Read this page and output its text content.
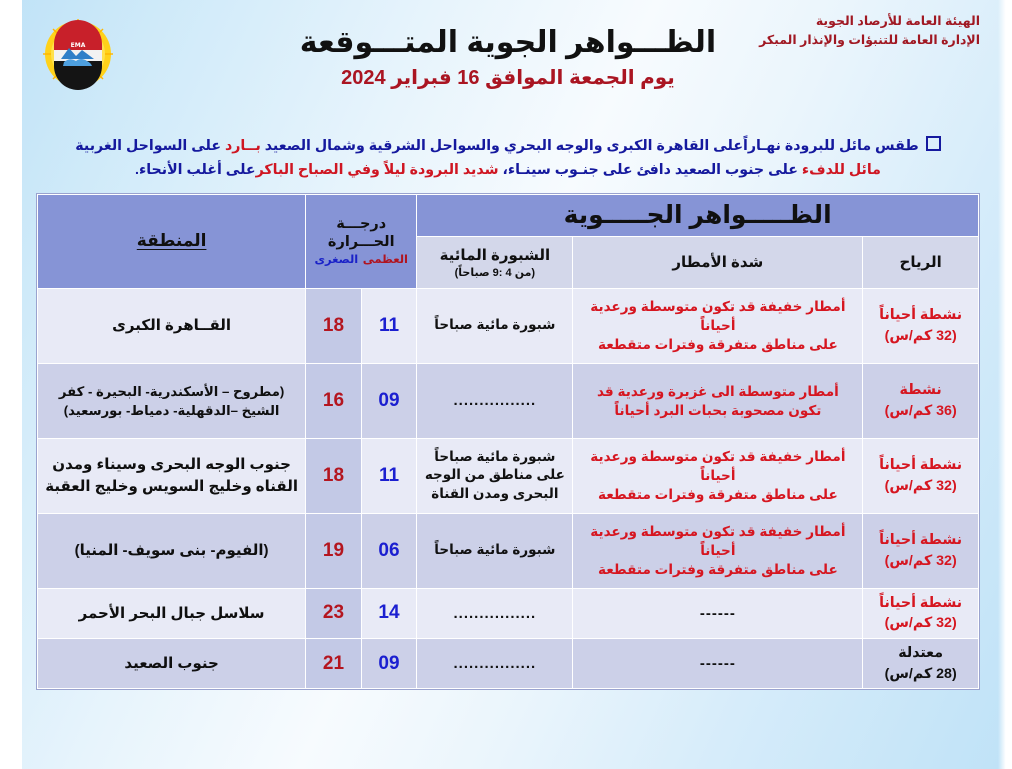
EMA
الهيئة العامة للأرصاد الجوية
الإدارة العامة للتنبؤات والإنذار المبكر
الظـــواهر الجوية المتـــوقعة
يوم الجمعة الموافق 16 فبراير 2024
طقس مائل للبرودة نهـاراًعلى القاهرة الكبرى والوجه البحري والسواحل الشرقية وشمال الصعيد بــارد على السواحل الغربية
مائل للدفء على جنوب الصعيد دافئ على جنـوب سينـاء، شديد البرودة ليلاً وفي الصباح الباكرعلى أغلب الأنحاء.
الظـــــواهر الجـــــوية			درجـــة الحـــرارة
العظمى
الصغرى		المنطقة
الرياح	شدة الأمطار	الشبورة المائية
(من 4 :9 صباحاً)			

نشطة أحياناً
(32 كم/س)	أمطار خفيفة قد تكون متوسطة ورعدية أحياناً
على مناطق متفرقة وفترات متقطعة	شبورة مائية صباحاً	11	18	القــاهرة الكبرى
نشطة
(36 كم/س)	أمطار متوسطة الى غزيرة ورعدية قد تكون مصحوبة بحبات البرد أحياناً	................	09	16	(مطروح – الأسكندرية- البحيرة - كفر الشيخ –الدقهلية- دمياط- بورسعيد)
نشطة أحياناً
(32 كم/س)	أمطار خفيفة قد تكون متوسطة ورعدية أحياناً
على مناطق متفرقة وفترات متقطعة	شبورة مائية صباحاً على مناطق من الوجه البحرى ومدن القناة	11	18	جنوب الوجه البحرى وسيناء ومدن القناه وخليج السويس وخليج العقبة
نشطة أحياناً
(32 كم/س)	أمطار خفيفة قد تكون متوسطة ورعدية أحياناً
على مناطق متفرقة وفترات متقطعة	شبورة مائية صباحاً	06	19	(الفيوم- بنى سويف- المنيا)
نشطة أحياناً
(32 كم/س)	------	................	14	23	سلاسل جبال البحر الأحمر
معتدلة
(28 كم/س)	------	................	09	21	جنوب الصعيد
